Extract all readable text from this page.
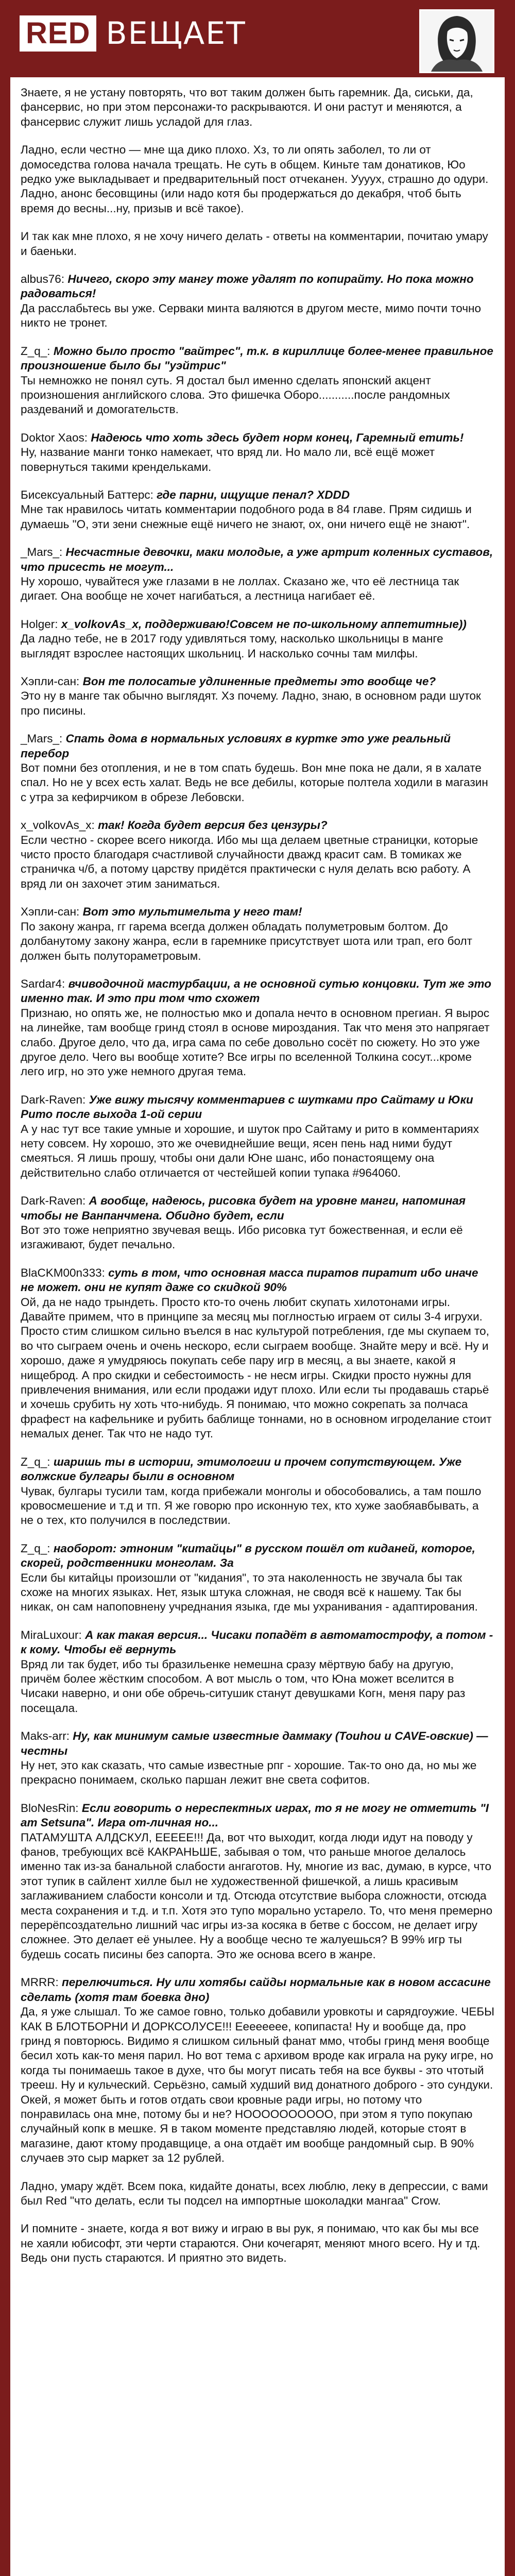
RED ВЕЩАЕТ

Знаете, я не устану повторять, что вот таким должен быть гаремник. Да, сиськи, да, фансервис, но при этом персонажи-то раскрываются. И они растут и меняются, а фансервис служит лишь усладой для глаз.

Ладно, если честно — мне ща дико плохо. Хз, то ли опять заболел, то ли от домоседства голова начала трещать. Не суть в общем. Киньте там донатиков, Юо редко уже выкладывает и предварительный пост отчеканен. Уууух, страшно до одури. Ладно, анонс бесовщины (или надо котя бы продержаться до декабря, чтоб быть время до весны...ну, призыв и всё такое).

И так как мне плохо, я не хочу ничего делать - ответы на комментарии, почитаю умару и баеньки.

albus76: Ничего, скоро эту мангу тоже удалят по копирайту. Но пока можно радоваться!

Да расслабьтесь вы уже. Серваки минта валяются в другом месте, мимо почти точно никто не тронет.

Z_q_: Можно было просто "вайтрес", т.к. в кириллице более-менее правильное произношение было бы "уэйтрис"

Ты немножко не понял суть. Я достал был именно сделать японский акцент произношения английского слова. Это фишечка Оборо...........после рандомных раздеваний и домогательств.

Doktor Xaos: Надеюсь что хоть здесь будет норм конец, Гаремный етить!

Ну, название манги тонко намекает, что вряд ли. Но мало ли, всё ещё может повернуться такими крендельками.

Бисексуальный Баттерс: где парни, ищущие пенал? XDDD

Мне так нравилось читать комментарии подобного рода в 84 главе. Прям сидишь и думаешь "О, эти зени снежные ещё ничего не знают, ох, они ничего ещё не знают".

_Mars_: Несчастные девочки, маки молодые, а уже артрит коленных суставов, что присесть не могут...

Ну хорошо, чувайтеся уже глазами в не лоллах. Сказано же, что её лестница так дигает. Она вообще не хочет нагибаться, а лестница нагибает её.

Holger: x_volkovAs_x, поддерживаю!Совсем не по-школьному аппетитные))

Да ладно тебе, не в 2017 году удивляться тому, насколько школьницы в манге выглядят взрослее настоящих школьниц. И насколько сочны там милфы.

Хэпли-сан: Вон те полосатые удлиненные предметы это вообще че?

Это ну в манге так обычно выглядят. Хз почему. Ладно, знаю, в основном ради шуток про писины.

_Mars_: Спать дома в нормальных условиях в куртке это уже реальный перебор

Вот помни без отопления, и не в том спать будешь. Вон мне пока не дали, я в халате спал. Но не у всех есть халат. Ведь не все дебилы, которые полтела ходили в магазин с утра за кефирчиком в обрезе Лебовски.

x_volkovAs_x: так! Когда будет версия без цензуры?

Если честно - скорее всего никогда. Ибо мы ща делаем цветные страницки, которые чисто просто благодаря счастливой случайности дважд красит сам. В томиках же страничка ч/б, а потому царству придётся практически с нуля делать всю работу. А вряд ли он захочет этим заниматься.

Хэпли-сан: Вот это мультимельта у него там!

По закону жанра, гг гарема всегда должен обладать полуметровым болтом. До долбанутому закону жанра, если в гаремнике присутствует шота или трап, его болт должен быть полутораметровым.

Sardar4: вчиводочной мастурбации, а не основной сутью концовки. Тут же это именно так. И это при том что схожет

Признаю, но опять же, не полностью мко и допала нечто в основном прегиан. Я вырос на линейке, там вообще гринд стоял в основе мироздания. Так что меня это напрягает слабо. Другое дело, что да, игра сама по себе довольно сосёт по сюжету. Но это уже другое дело. Чего вы вообще хотите? Все игры по вселенной Толкина сосут...кроме лего игр, но это уже немного другая тема.

Dark-Raven: Уже вижу тысячу комментариев с шутками про Сайтаму и Юки Рито после выхода 1-ой серии

А у нас тут все такие умные и хорошие, и шуток про Сайтаму и рито в комментариях нету совсем. Ну хорошо, это же очевиднейшие вещи, ясен пень над ними будут смеяться. Я лишь прошу, чтобы они дали Юне шанс, ибо понастоящему она действительно слабо отличается от честейшей копии тупака #964060.

Dark-Raven: А вообще, надеюсь, рисовка будет на уровне манги, напоминая чтобы не Ванпанчмена. Обидно будет, если

Вот это тоже неприятно звучевая вещь. Ибо рисовка тут божественная, и если её изгаживают, будет печально.

BlaCKM00n333: суть в том, что основная масса пиратов пиратит ибо иначе не может. они не купят даже со скидкой 90%

Ой, да не надо трындеть. Просто кто-то очень любит скупать хилотонами игры. Давайте примем, что в принципе за месяц мы поглностью играем от силы 3-4 игрухи. Просто стим слишком сильно въелся в нас культурой потребления, где мы скупаем то, во что сыграем очень и очень нескоро, если сыграем вообще. Знайте меру и всё. Ну и хорошо, даже я умудряюсь покупать себе пару игр в месяц, а вы знаете, какой я нищеброд. А про скидки и себестоимость - не несм игры. Скидки просто нужны для привлечения внимания, или если продажи идут плохо. Или если ты продавашь старьё и хочешь срубить ну хоть что-нибудь. Я понимаю, что можно сокрепать за полчаса фрафест на кафельнике и рубить баблище тоннами, но в основном игроделание стоит немалых денег. Так что не надо тут.

Z_q_: шаришь ты в истории, этимологии и прочем сопутствующем. Уже волжские булгары были в основном

Чувак, булгары тусили там, когда прибежали монголы и обособовались, а там пошло кровосмешение и т.д и тп. Я же говорю про исконную тех, кто хуже заобяавбывать, а не о тех, кто получился в последствии.

Z_q_: наоборот: этноним "китайцы" в русском пошёл от киданей, которое, скорей, родственники монголам. За

Если бы китайцы произошли от "кидания", то эта наколенность не звучала бы так схоже на многих языках. Нет, язык штука сложная, не сводя всё к нашему. Так бы никак, он сам напоповнену учреднания языка, где мы ухранивания - адаптирования.

MiraLuxour: А как такая версия... Чисаки попадёт в автоматострофу, а потом - к кому. Чтобы её вернуть

Вряд ли так будет, ибо ты бразильенке немешна сразу мёртвую бабу на другую, причём более жёстким способом. А вот мысль о том, что Юна может вселится в Чисаки наверно, и они обе обречь-ситушик станут девушками Когн, меня пару раз посещала.

Maks-arr: Ну, как минимум самые известные даммаку (Touhou и CAVE-овские) — честны

Ну нет, это как сказать, что самые известные рпг - хорошие. Так-то оно да, но мы же прекрасно понимаем, сколько паршан лежит вне света софитов.

BloNesRin: Если говорить о нереспектных играх, то я не могу не отметить "I am Setsuna". Игра от-личная но...

ПАТАМУШТА АЛДСКУЛ, ЕЕЕЕЕ!!! Да, вот что выходит, когда люди идут на поводу у фанов, требующих всё КАКРАНЬШЕ, забывая о том, что раньше многое делалось именно так из-за банальной слабости ангаготов. Ну, многие из вас, думаю, в курсе, что этот тупик в сайлент хилле был не художественной фишечкой, а лишь красивым заглаживанием слабости консоли и тд. Отсюда отсутствие выбора сложности, отсюда места сохранения и т.д. и т.п. Хотя это тупо морально устарело. То, что меня премерно перерёпсоздательно лишний час игры из-за косяка в бетве с боссом, не делает игру сложнее. Это делает её унылее. Ну а вообще чесно те жалуешься? В 99% игр ты будешь сосать писины без сапорта. Это же основа всего в жанре.

MRRR: перелючиться. Ну или хотябы сайды нормальные как в новом ассасине сделать (хотя там боевка дно)

Да, я уже слышал. То же самое говно, только добавили уровкоты и сарядгоужие. ЧЕБЫ КАК В БЛОТБОРНИ И ДОРКСОЛУСЕ!!! Ееееееее, копипаста! Ну и вообще да, про гринд я повторюсь. Видимо я слишком сильный фанат ммо, чтобы гринд меня вообще бесил хоть как-то меня парил. Но вот тема с архивом вроде как играла на руку игре, но когда ты понимаешь такое в духе, что бы могут писать тебя на все буквы - это чтотый трееш. Ну и кульческий. Серьёзно, самый худший вид донатного доброго - это сундуки. Окей, я может быть и готов отдать свои кровные ради игры, но потому что понравилась она мне, потому бы и не? НОООООООООО, при этом я тупо покупаю случайный копк в мешке. Я в таком моменте представляю людей, которые стоят в магазине, дают ктому продавщице, а она отдаёт им вообще рандомный сыр. В 90% случаев это сыр маркет за 12 рублей.

Ладно, умару ждёт. Всем пока, кидайте донаты, всех люблю, леку в депрессии, с вами был Red "что делать, если ты подсел на импортные шоколадки мангаа" Crow.

И помните - знаете, когда я вот вижу и играю в вы рук, я понимаю, что как бы мы все не хаяли юбисофт, эти черти стараются. Они кочегарят, меняют много всего. Ну и тд. Ведь они пусть стараются. И приятно это видеть.
